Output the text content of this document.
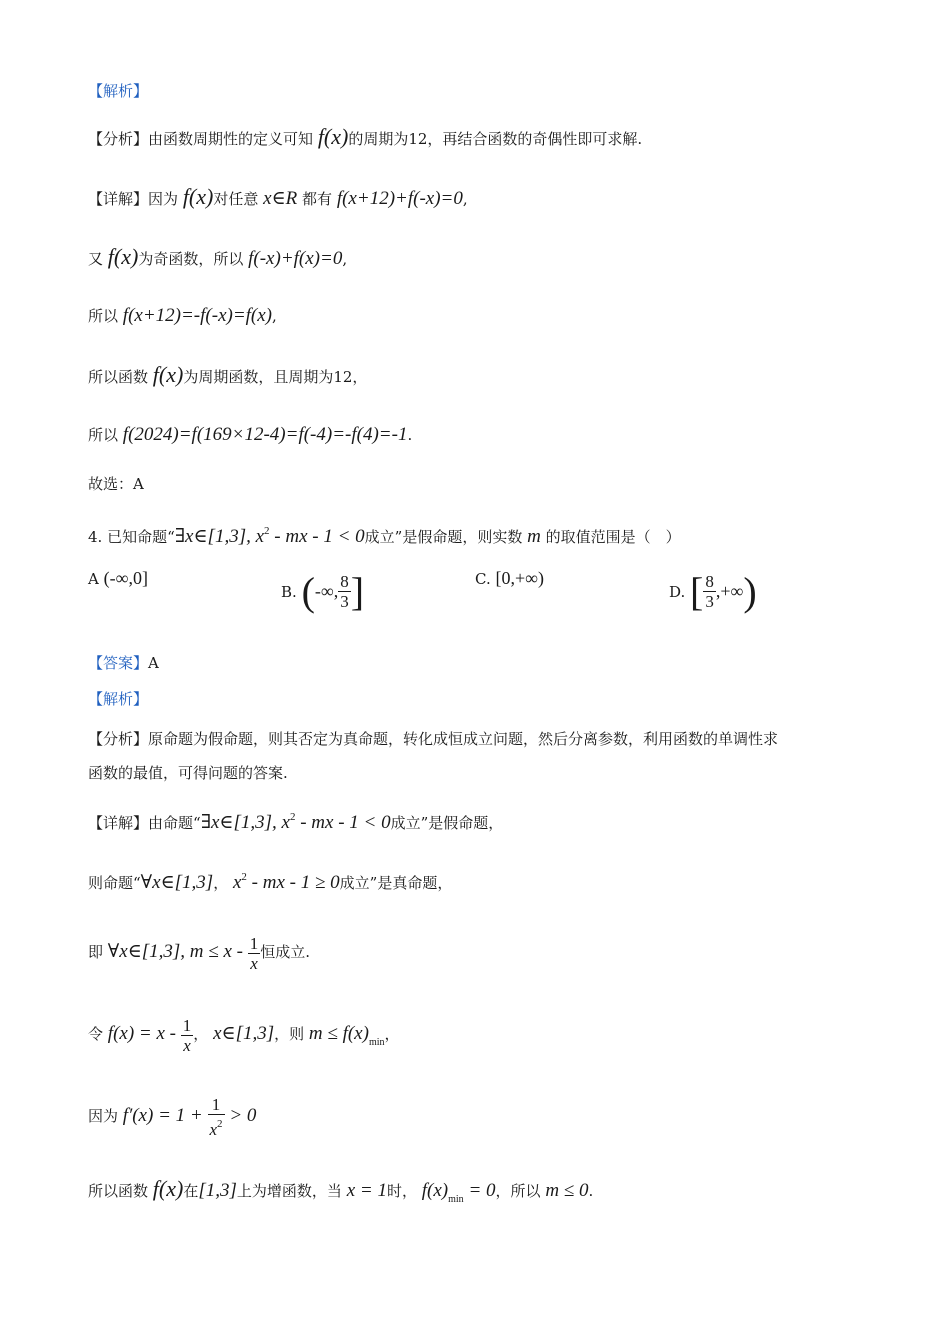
【解析】
【分析】由函数周期性的定义可知 f(x)的周期为12，再结合函数的奇偶性即可求解.
【详解】因为 f(x)对任意 x∈R 都有 f(x+12)+f(-x)=0,
又 f(x)为奇函数，所以 f(-x)+f(x)=0,
所以 f(x+12)=-f(-x)=f(x),
所以函数 f(x)为周期函数，且周期为12，
所以 f(2024)=f(169×12-4)=f(-4)=-f(4)=-1.
故选：A
4. 已知命题“∃x∈[1,3], $x^2$ - mx - 1 < 0成立”是假命题，则实数 m 的取值范围是（　）
A (-∞,0]
B. (-∞, $\frac{8}{3}$ ]	C. [0,+∞)
D. [ $\frac{8}{3}$ ,+∞)
【答案】A
【解析】
【分析】原命题为假命题，则其否定为真命题，转化成恒成立问题，然后分离参数，利用函数的单调性求
函数的最值，可得问题的答案.
【详解】由命题“∃x∈[1,3], $x^2$ - mx - 1 < 0成立”是假命题，
则命题“∀x∈[1,3]， $x^2$ - mx - 1 ≥ 0成立”是真命题，
即 ∀x∈[1,3], $m \le x - \frac{1}{x}$ 恒成立.
令 $f(x) = x - \frac{1}{x}$ ， x∈[1,3]，则 $m \le f(x)_{min}$，
因为 $f'(x) = 1 + \frac{1}{x^2} > 0$
所以函数 f(x)在[1,3]上为增函数，当 x = 1时， $f(x)_{min} = 0$，所以 m ≤ 0.
